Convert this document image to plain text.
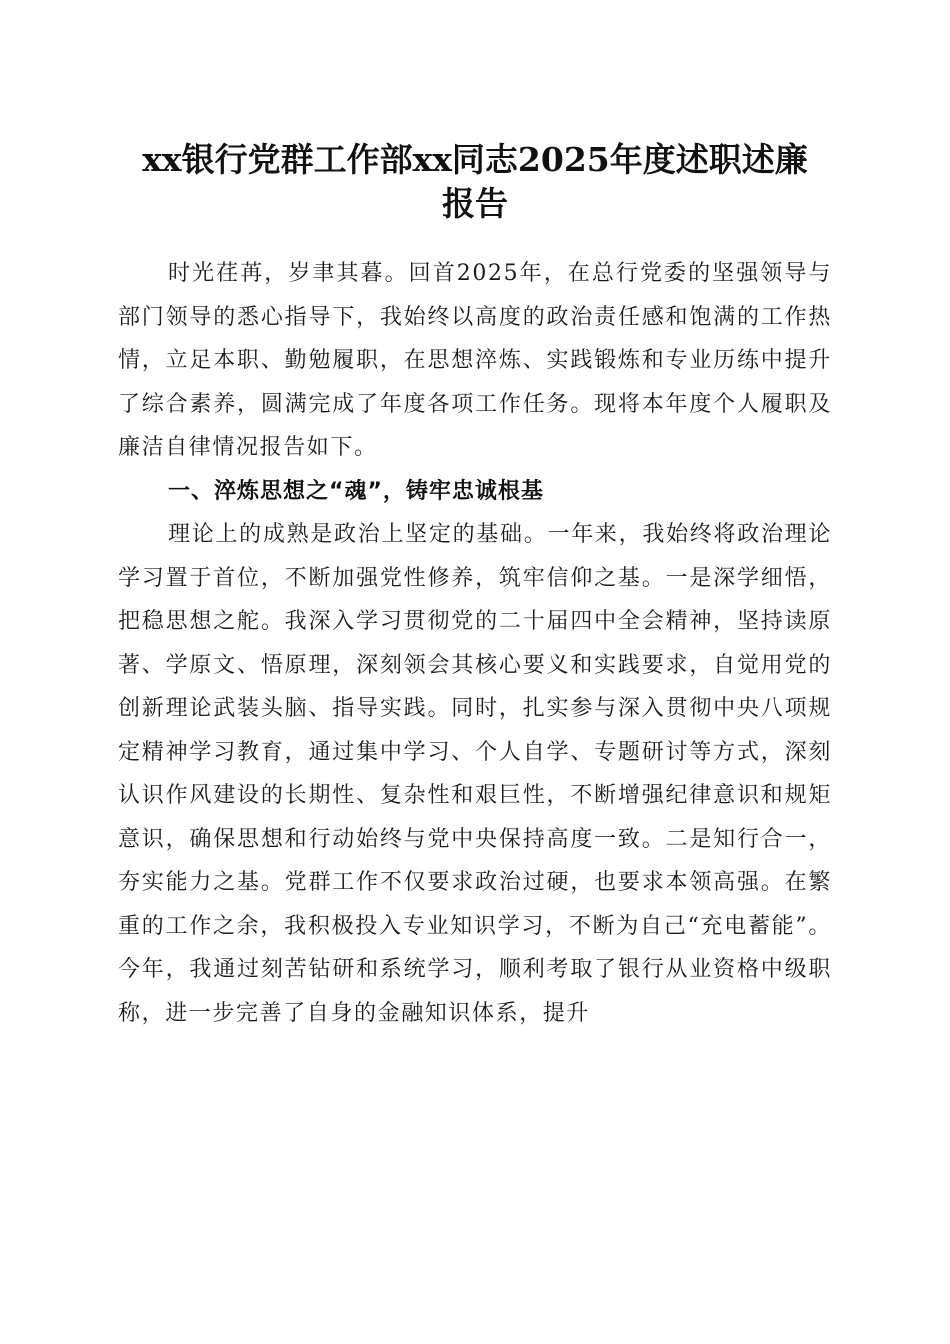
xx银行党群工作部xx同志2025年度述职述廉
报告

时光荏苒，岁聿其暮。回首2025年，在总行党委的坚强领导与部门领导的悉心指导下，我始终以高度的政治责任感和饱满的工作热情，立足本职、勤勉履职，在思想淬炼、实践锻炼和专业历练中提升了综合素养，圆满完成了年度各项工作任务。现将本年度个人履职及廉洁自律情况报告如下。

一、淬炼思想之“魂”，铸牢忠诚根基

理论上的成熟是政治上坚定的基础。一年来，我始终将政治理论学习置于首位，不断加强党性修养，筑牢信仰之基。一是深学细悟，把稳思想之舵。我深入学习贯彻党的二十届四中全会精神，坚持读原著、学原文、悟原理，深刻领会其核心要义和实践要求，自觉用党的创新理论武装头脑、指导实践。同时，扎实参与深入贯彻中央八项规定精神学习教育，通过集中学习、个人自学、专题研讨等方式，深刻认识作风建设的长期性、复杂性和艰巨性，不断增强纪律意识和规矩意识，确保思想和行动始终与党中央保持高度一致。二是知行合一，夯实能力之基。党群工作不仅要求政治过硬，也要求本领高强。在繁重的工作之余，我积极投入专业知识学习，不断为自己“充电蓄能”。今年，我通过刻苦钻研和系统学习，顺利考取了银行从业资格中级职称，进一步完善了自身的金融知识体系，提升
